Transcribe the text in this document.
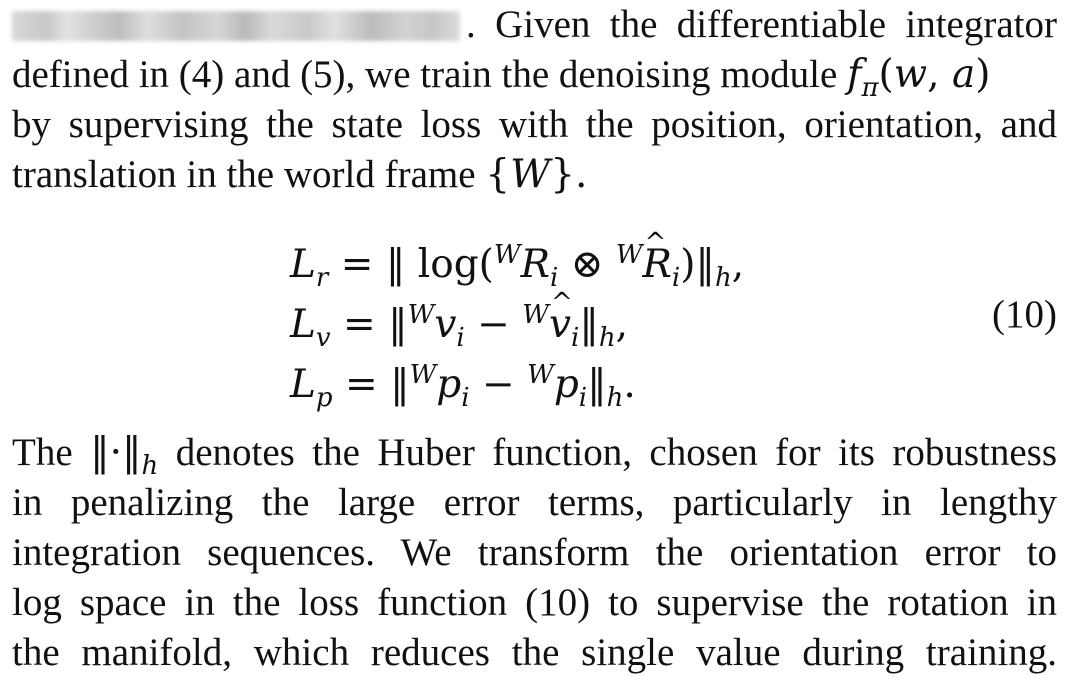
. Given the differentiable integrator
defined in (4) and (5), we train the denoising module $f_\pi(w$, a)
by supervising the state loss with the position, orientation, and
translation in the world frame {W}.
$L_r$ = ‖ $\log(^WR_i$ ⊗ $^W$^ $R_i)‖_h$,
$L_v$ = $‖^Wv_i$ − $^W$^ $v_i‖_h$,
$L_p$ = $‖^Wp_i$ − $^Wp_i‖_h$.
(10)
The $‖\cdot‖_h$ denotes the Huber function, chosen for its robustness
in penalizing the large error terms, particularly in lengthy
integration sequences. We transform the orientation error to
log space in the loss function (10) to supervise the rotation in
the manifold, which reduces the single value during training.
